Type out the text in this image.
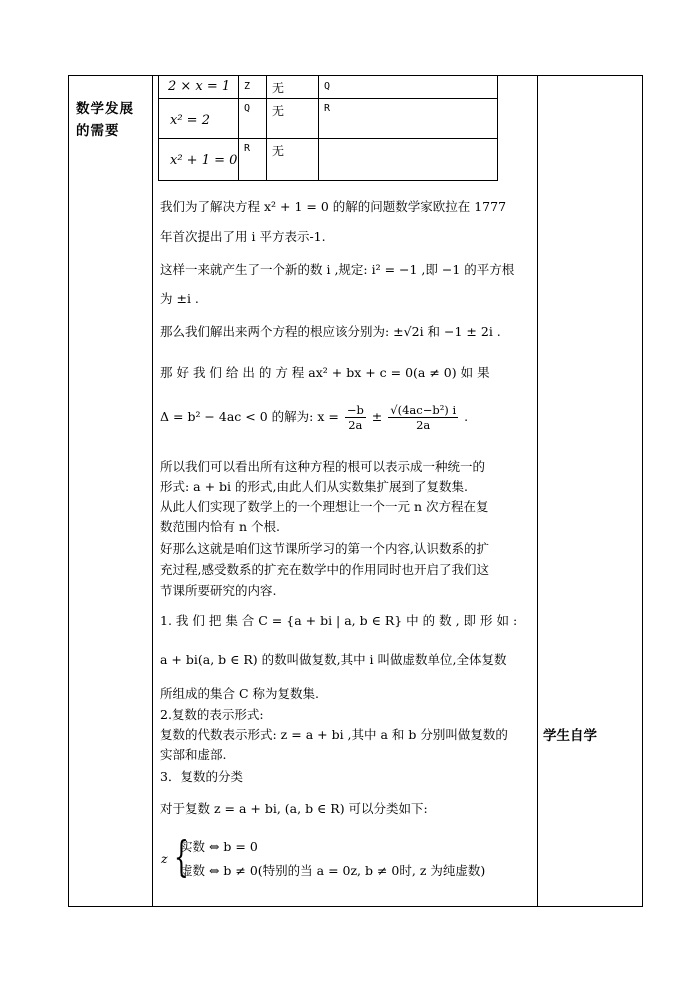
数学发展的需要
学生自学
2 × x = 1 Z 无	Q
x² = 2
Q 无	R
x² + 1 = 0
R 无
我们为了解决方程 x² + 1 = 0 的解的问题数学家欧拉在 1777
年首次提出了用 i 平方表示-1.
这样一来就产生了一个新的数 i ,规定: i² = −1 ,即 −1 的平方根
为 ±i .
那么我们解出来两个方程的根应该分别为: ±√2i 和 −1 ± 2i .
那 好 我 们 给 出 的 方 程 ax² + bx + c = 0(a ≠ 0) 如 果
Δ = b² − 4ac < 0 的解为: $x = \frac{-b}{2a} \pm \frac{\text{√(4ac−b²) i}}{2a}$ .
所以我们可以看出所有这种方程的根可以表示成一种统一的
形式: a + bi 的形式,由此人们从实数集扩展到了复数集.
从此人们实现了数学上的一个理想让一个一元 n 次方程在复
数范围内恰有 n 个根.
好那么这就是咱们这节课所学习的第一个内容,认识数系的扩
充过程,感受数系的扩充在数学中的作用同时也开启了我们这
节课所要研究的内容.
1. 我 们 把 集 合 C = {a + bi | a, b ∈ R} 中 的 数 , 即 形 如 :
a + bi(a, b ∈ R) 的数叫做复数,其中 i 叫做虚数单位,全体复数
所组成的集合 C 称为复数集.
2.复数的表示形式:
复数的代数表示形式: z = a + bi ,其中 a 和 b 分别叫做复数的
实部和虚部.
3．复数的分类
对于复数 z = a + bi, (a, b ∈ R) 可以分类如下:
z {
实数 ⇔ b = 0
虚数 ⇔ b ≠ 0(特别的当 a = 0z, b ≠ 0时, z 为纯虚数)
